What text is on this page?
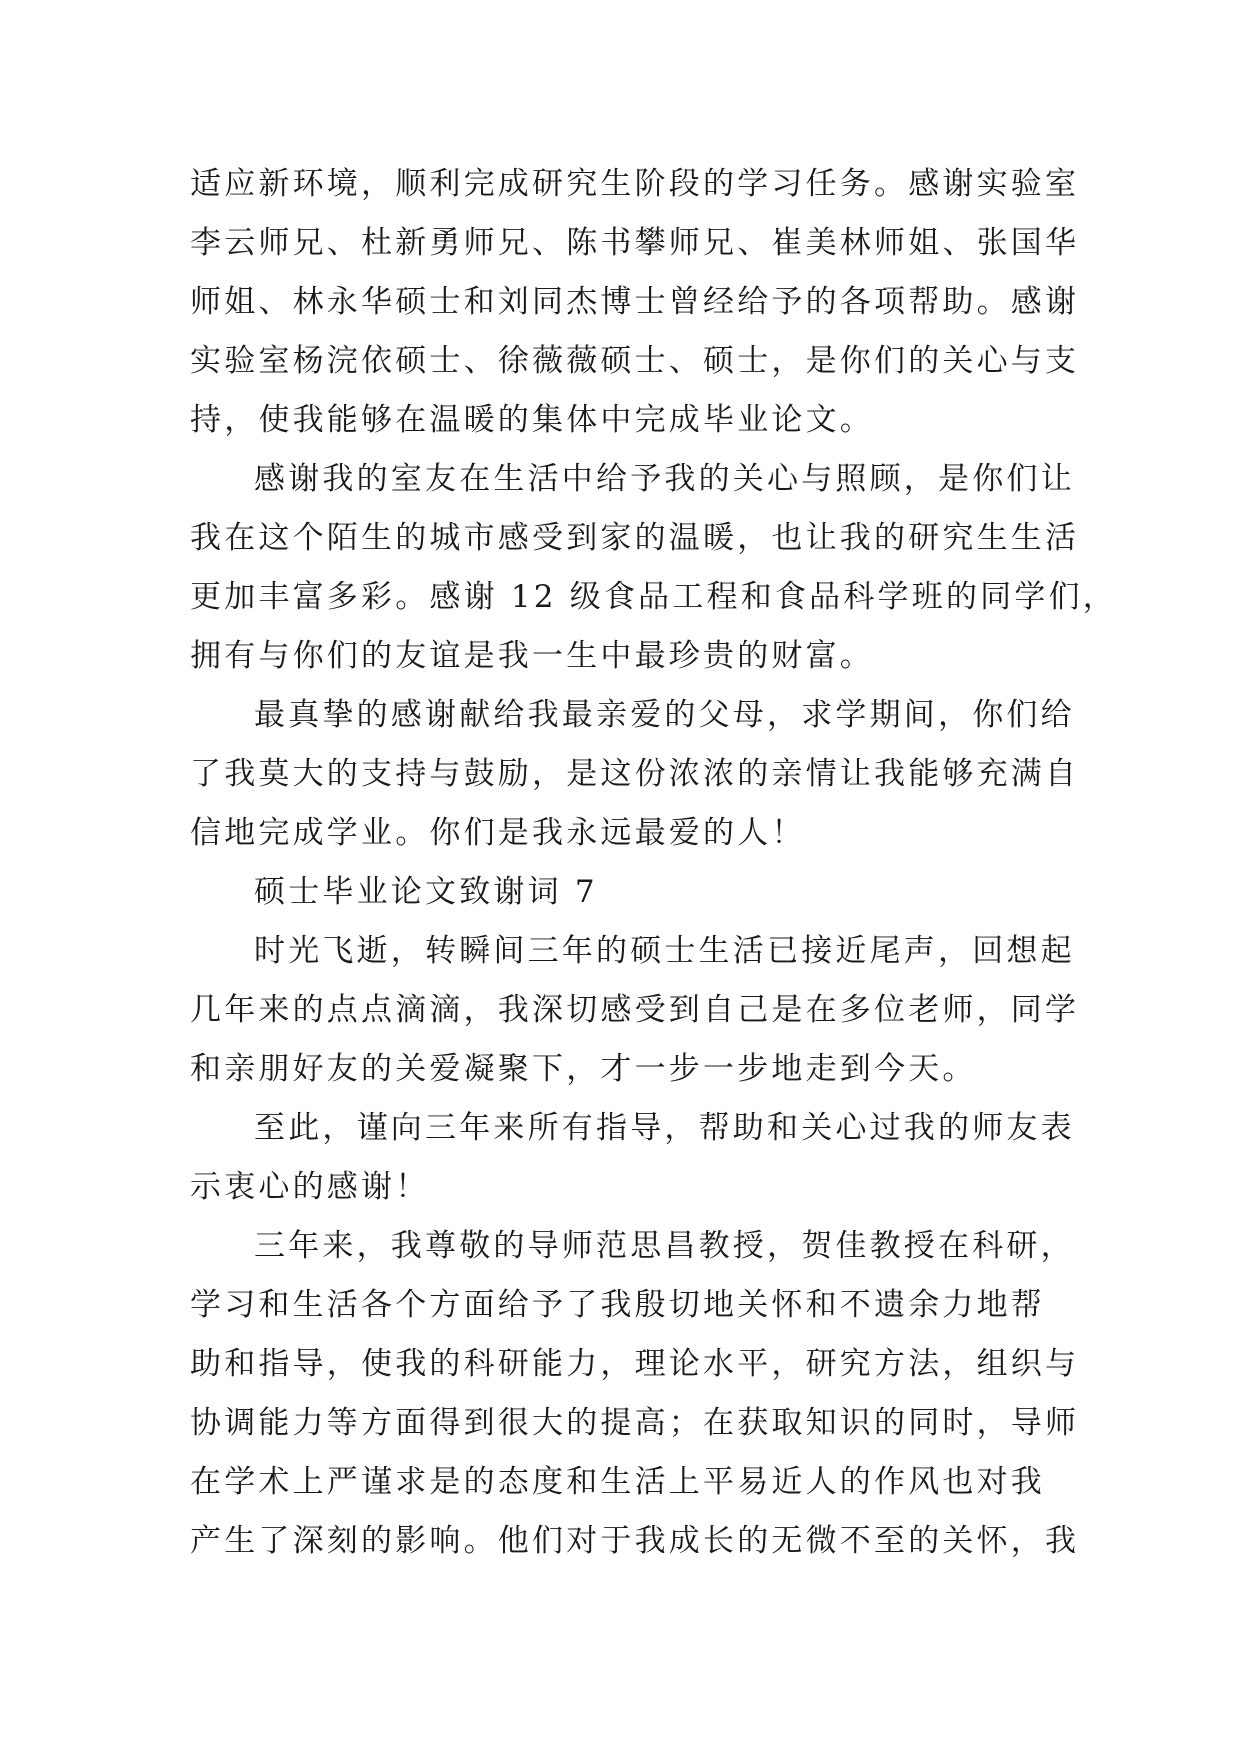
适应新环境，顺利完成研究生阶段的学习任务。感谢实验室
李云师兄、杜新勇师兄、陈书攀师兄、崔美林师姐、张国华
师姐、林永华硕士和刘同杰博士曾经给予的各项帮助。感谢
实验室杨浣依硕士、徐薇薇硕士、硕士，是你们的关心与支
持，使我能够在温暖的集体中完成毕业论文。
感谢我的室友在生活中给予我的关心与照顾，是你们让
我在这个陌生的城市感受到家的温暖，也让我的研究生生活
更加丰富多彩。感谢 12 级食品工程和食品科学班的同学们，
拥有与你们的友谊是我一生中最珍贵的财富。
最真挚的感谢献给我最亲爱的父母，求学期间，你们给
了我莫大的支持与鼓励，是这份浓浓的亲情让我能够充满自
信地完成学业。你们是我永远最爱的人！
硕士毕业论文致谢词 7
时光飞逝，转瞬间三年的硕士生活已接近尾声，回想起
几年来的点点滴滴，我深切感受到自己是在多位老师，同学
和亲朋好友的关爱凝聚下，才一步一步地走到今天。
至此，谨向三年来所有指导，帮助和关心过我的师友表
示衷心的感谢！
三年来，我尊敬的导师范思昌教授，贺佳教授在科研，
学习和生活各个方面给予了我殷切地关怀和不遗余力地帮
助和指导，使我的科研能力，理论水平，研究方法，组织与
协调能力等方面得到很大的提高；在获取知识的同时，导师
在学术上严谨求是的态度和生活上平易近人的作风也对我
产生了深刻的影响。他们对于我成长的无微不至的关怀，我
